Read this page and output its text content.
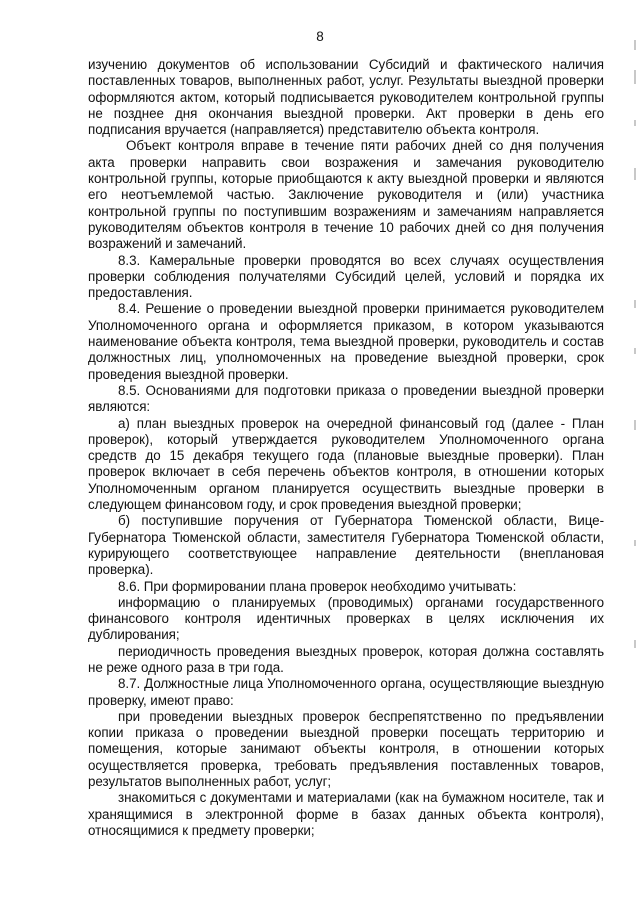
8

изучению документов об использовании Субсидий и фактического наличия поставленных товаров, выполненных работ, услуг. Результаты выездной проверки оформляются актом, который подписывается руководителем контрольной группы не позднее дня окончания выездной проверки. Акт проверки в день его подписания вручается (направляется) представителю объекта контроля.

Объект контроля вправе в течение пяти рабочих дней со дня получения акта проверки направить свои возражения и замечания руководителю контрольной группы, которые приобщаются к акту выездной проверки и являются его неотъемлемой частью. Заключение руководителя и (или) участника контрольной группы по поступившим возражениям и замечаниям направляется руководителям объектов контроля в течение 10 рабочих дней со дня получения возражений и замечаний.

8.3. Камеральные проверки проводятся во всех случаях осуществления проверки соблюдения получателями Субсидий целей, условий и порядка их предоставления.

8.4. Решение о проведении выездной проверки принимается руководителем Уполномоченного органа и оформляется приказом, в котором указываются наименование объекта контроля, тема выездной проверки, руководитель и состав должностных лиц, уполномоченных на проведение выездной проверки, срок проведения выездной проверки.

8.5. Основаниями для подготовки приказа о проведении выездной проверки являются:

а) план выездных проверок на очередной финансовый год (далее - План проверок), который утверждается руководителем Уполномоченного органа средств до 15 декабря текущего года (плановые выездные проверки). План проверок включает в себя перечень объектов контроля, в отношении которых Уполномоченным органом планируется осуществить выездные проверки в следующем финансовом году, и срок проведения выездной проверки;

б) поступившие поручения от Губернатора Тюменской области, Вице-Губернатора Тюменской области, заместителя Губернатора Тюменской области, курирующего соответствующее направление деятельности (внеплановая проверка).

8.6. При формировании плана проверок необходимо учитывать:

информацию о планируемых (проводимых) органами государственного финансового контроля идентичных проверках в целях исключения их дублирования;

периодичность проведения выездных проверок, которая должна составлять не реже одного раза в три года.

8.7. Должностные лица Уполномоченного органа, осуществляющие выездную проверку, имеют право:

при проведении выездных проверок беспрепятственно по предъявлении копии приказа о проведении выездной проверки посещать территорию и помещения, которые занимают объекты контроля, в отношении которых осуществляется проверка, требовать предъявления поставленных товаров, результатов выполненных работ, услуг;

знакомиться с документами и материалами (как на бумажном носителе, так и хранящимися в электронной форме в базах данных объекта контроля), относящимися к предмету проверки;
